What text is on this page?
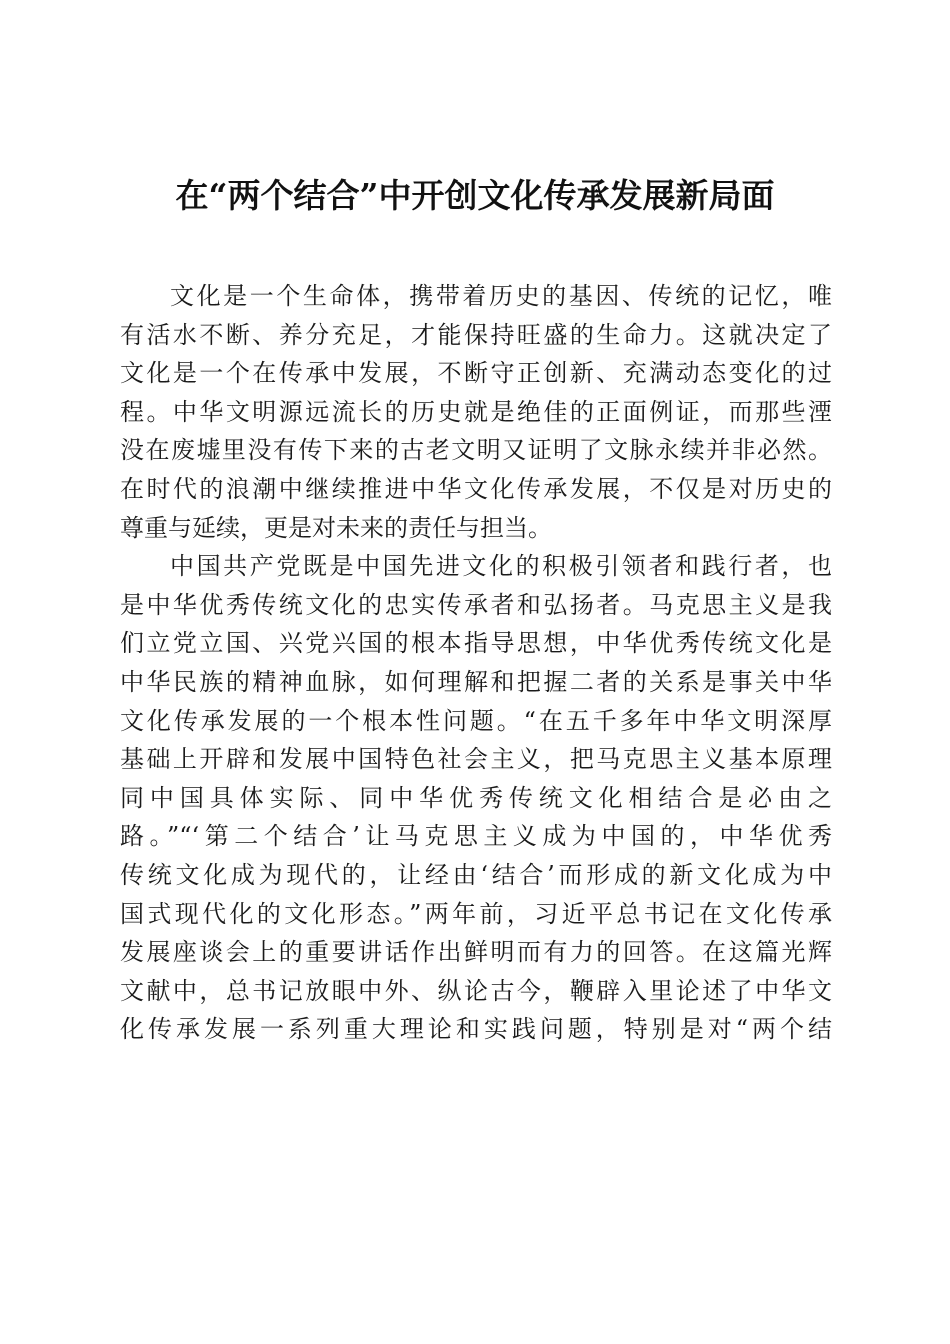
在“两个结合”中开创文化传承发展新局面
文化是一个生命体，携带着历史的基因、传统的记忆，唯
有活水不断、养分充足，才能保持旺盛的生命力。这就决定了
文化是一个在传承中发展，不断守正创新、充满动态变化的过
程。中华文明源远流长的历史就是绝佳的正面例证，而那些湮
没在废墟里没有传下来的古老文明又证明了文脉永续并非必然。
在时代的浪潮中继续推进中华文化传承发展，不仅是对历史的
尊重与延续，更是对未来的责任与担当。
中国共产党既是中国先进文化的积极引领者和践行者，也
是中华优秀传统文化的忠实传承者和弘扬者。马克思主义是我
们立党立国、兴党兴国的根本指导思想，中华优秀传统文化是
中华民族的精神血脉，如何理解和把握二者的关系是事关中华
文化传承发展的一个根本性问题。“在五千多年中华文明深厚
基础上开辟和发展中国特色社会主义，把马克思主义基本原理
同中国具体实际、同中华优秀传统文化相结合是必由之
路。”“‘第二个结合’让马克思主义成为中国的，中华优秀
传统文化成为现代的，让经由‘结合’而形成的新文化成为中
国式现代化的文化形态。”两年前，习近平总书记在文化传承
发展座谈会上的重要讲话作出鲜明而有力的回答。在这篇光辉
文献中，总书记放眼中外、纵论古今，鞭辟入里论述了中华文
化传承发展一系列重大理论和实践问题，特别是对“两个结
